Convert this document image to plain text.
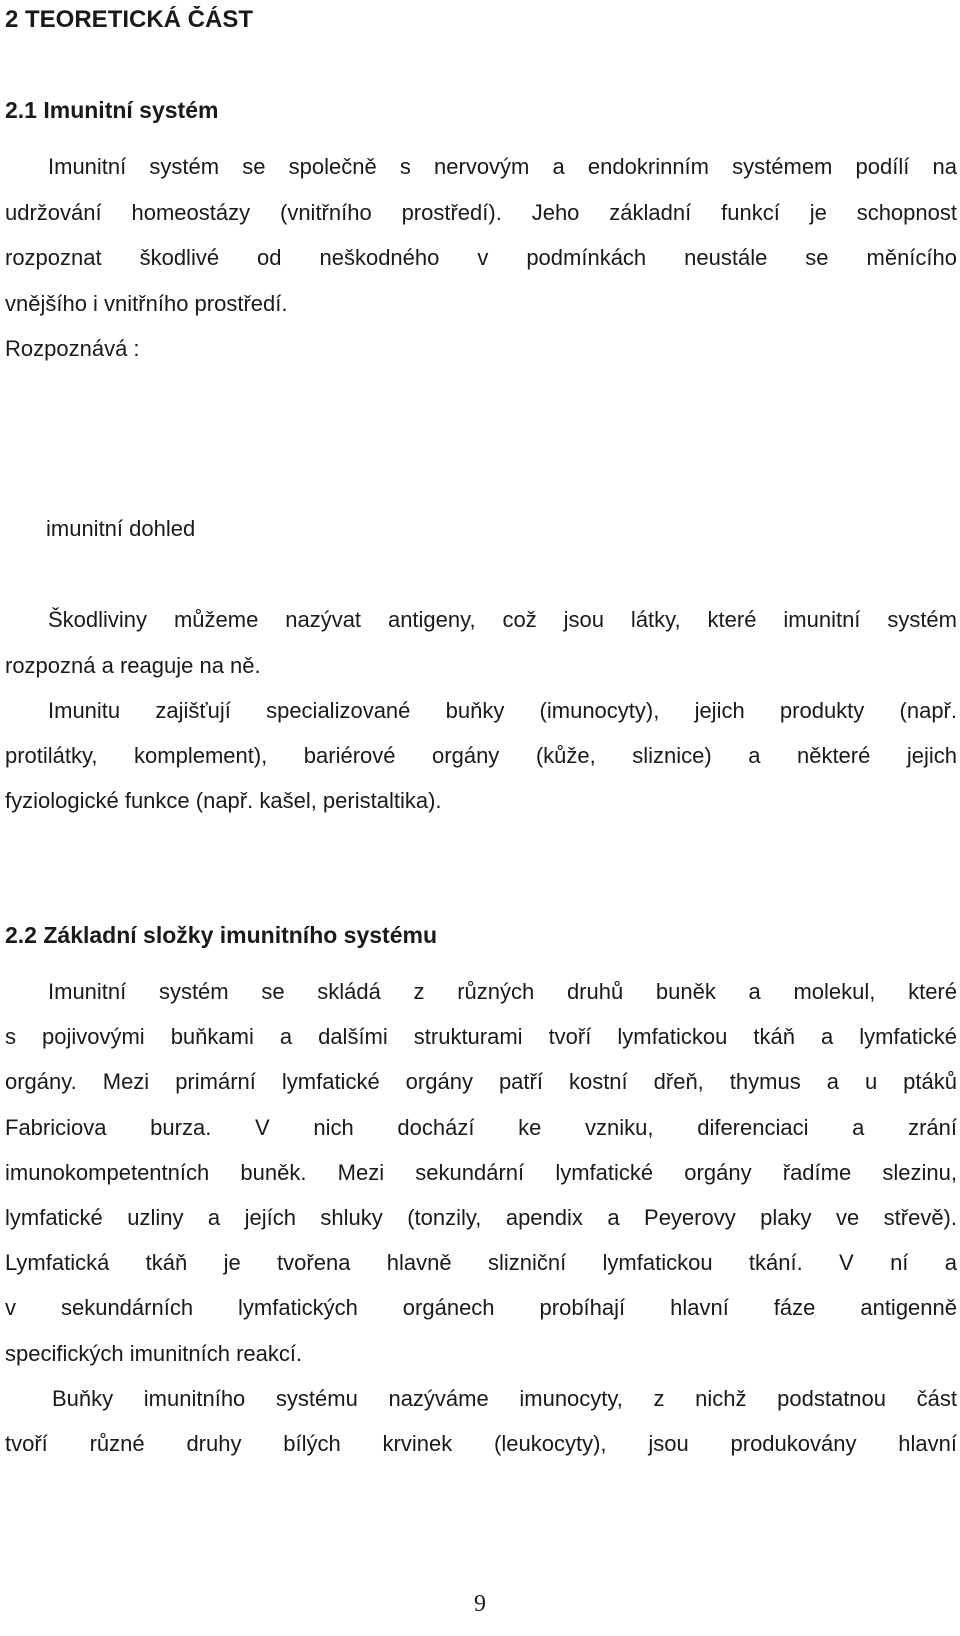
2 TEORETICKÁ ČÁST
2.1 Imunitní systém
Imunitní systém se společně s nervovým a endokrinním systémem podílí na
udržování homeostázy (vnitřního prostředí). Jeho základní funkcí je schopnost
rozpoznat škodlivé od neškodného v podmínkách neustále se měnícího
vnějšího i vnitřního prostředí.
Rozpoznává :
imunitní dohled
Škodliviny můžeme nazývat antigeny, což jsou látky, které imunitní systém
rozpozná a reaguje na ně.
Imunitu zajišťují specializované buňky (imunocyty), jejich produkty (např.
protilátky, komplement), bariérové orgány (kůže, sliznice) a některé jejich
fyziologické funkce (např. kašel, peristaltika).
2.2 Základní složky imunitního systému
Imunitní systém se skládá z různých druhů buněk a molekul, které
s pojivovými buňkami a dalšími strukturami tvoří lymfatickou tkáň a lymfatické
orgány. Mezi primární lymfatické orgány patří kostní dřeň, thymus a u ptáků
Fabriciova burza. V nich dochází ke vzniku, diferenciaci a zrání
imunokompetentních buněk. Mezi sekundární lymfatické orgány řadíme slezinu,
lymfatické uzliny a jejích shluky (tonzily, apendix a Peyerovy plaky ve střevě).
Lymfatická tkáň je tvořena hlavně slizniční lymfatickou tkání. V ní a
v sekundárních lymfatických orgánech probíhají hlavní fáze antigenně
specifických imunitních reakcí.
Buňky imunitního systému nazýváme imunocyty, z nichž podstatnou část
tvoří různé druhy bílých krvinek (leukocyty), jsou produkovány hlavní
9
